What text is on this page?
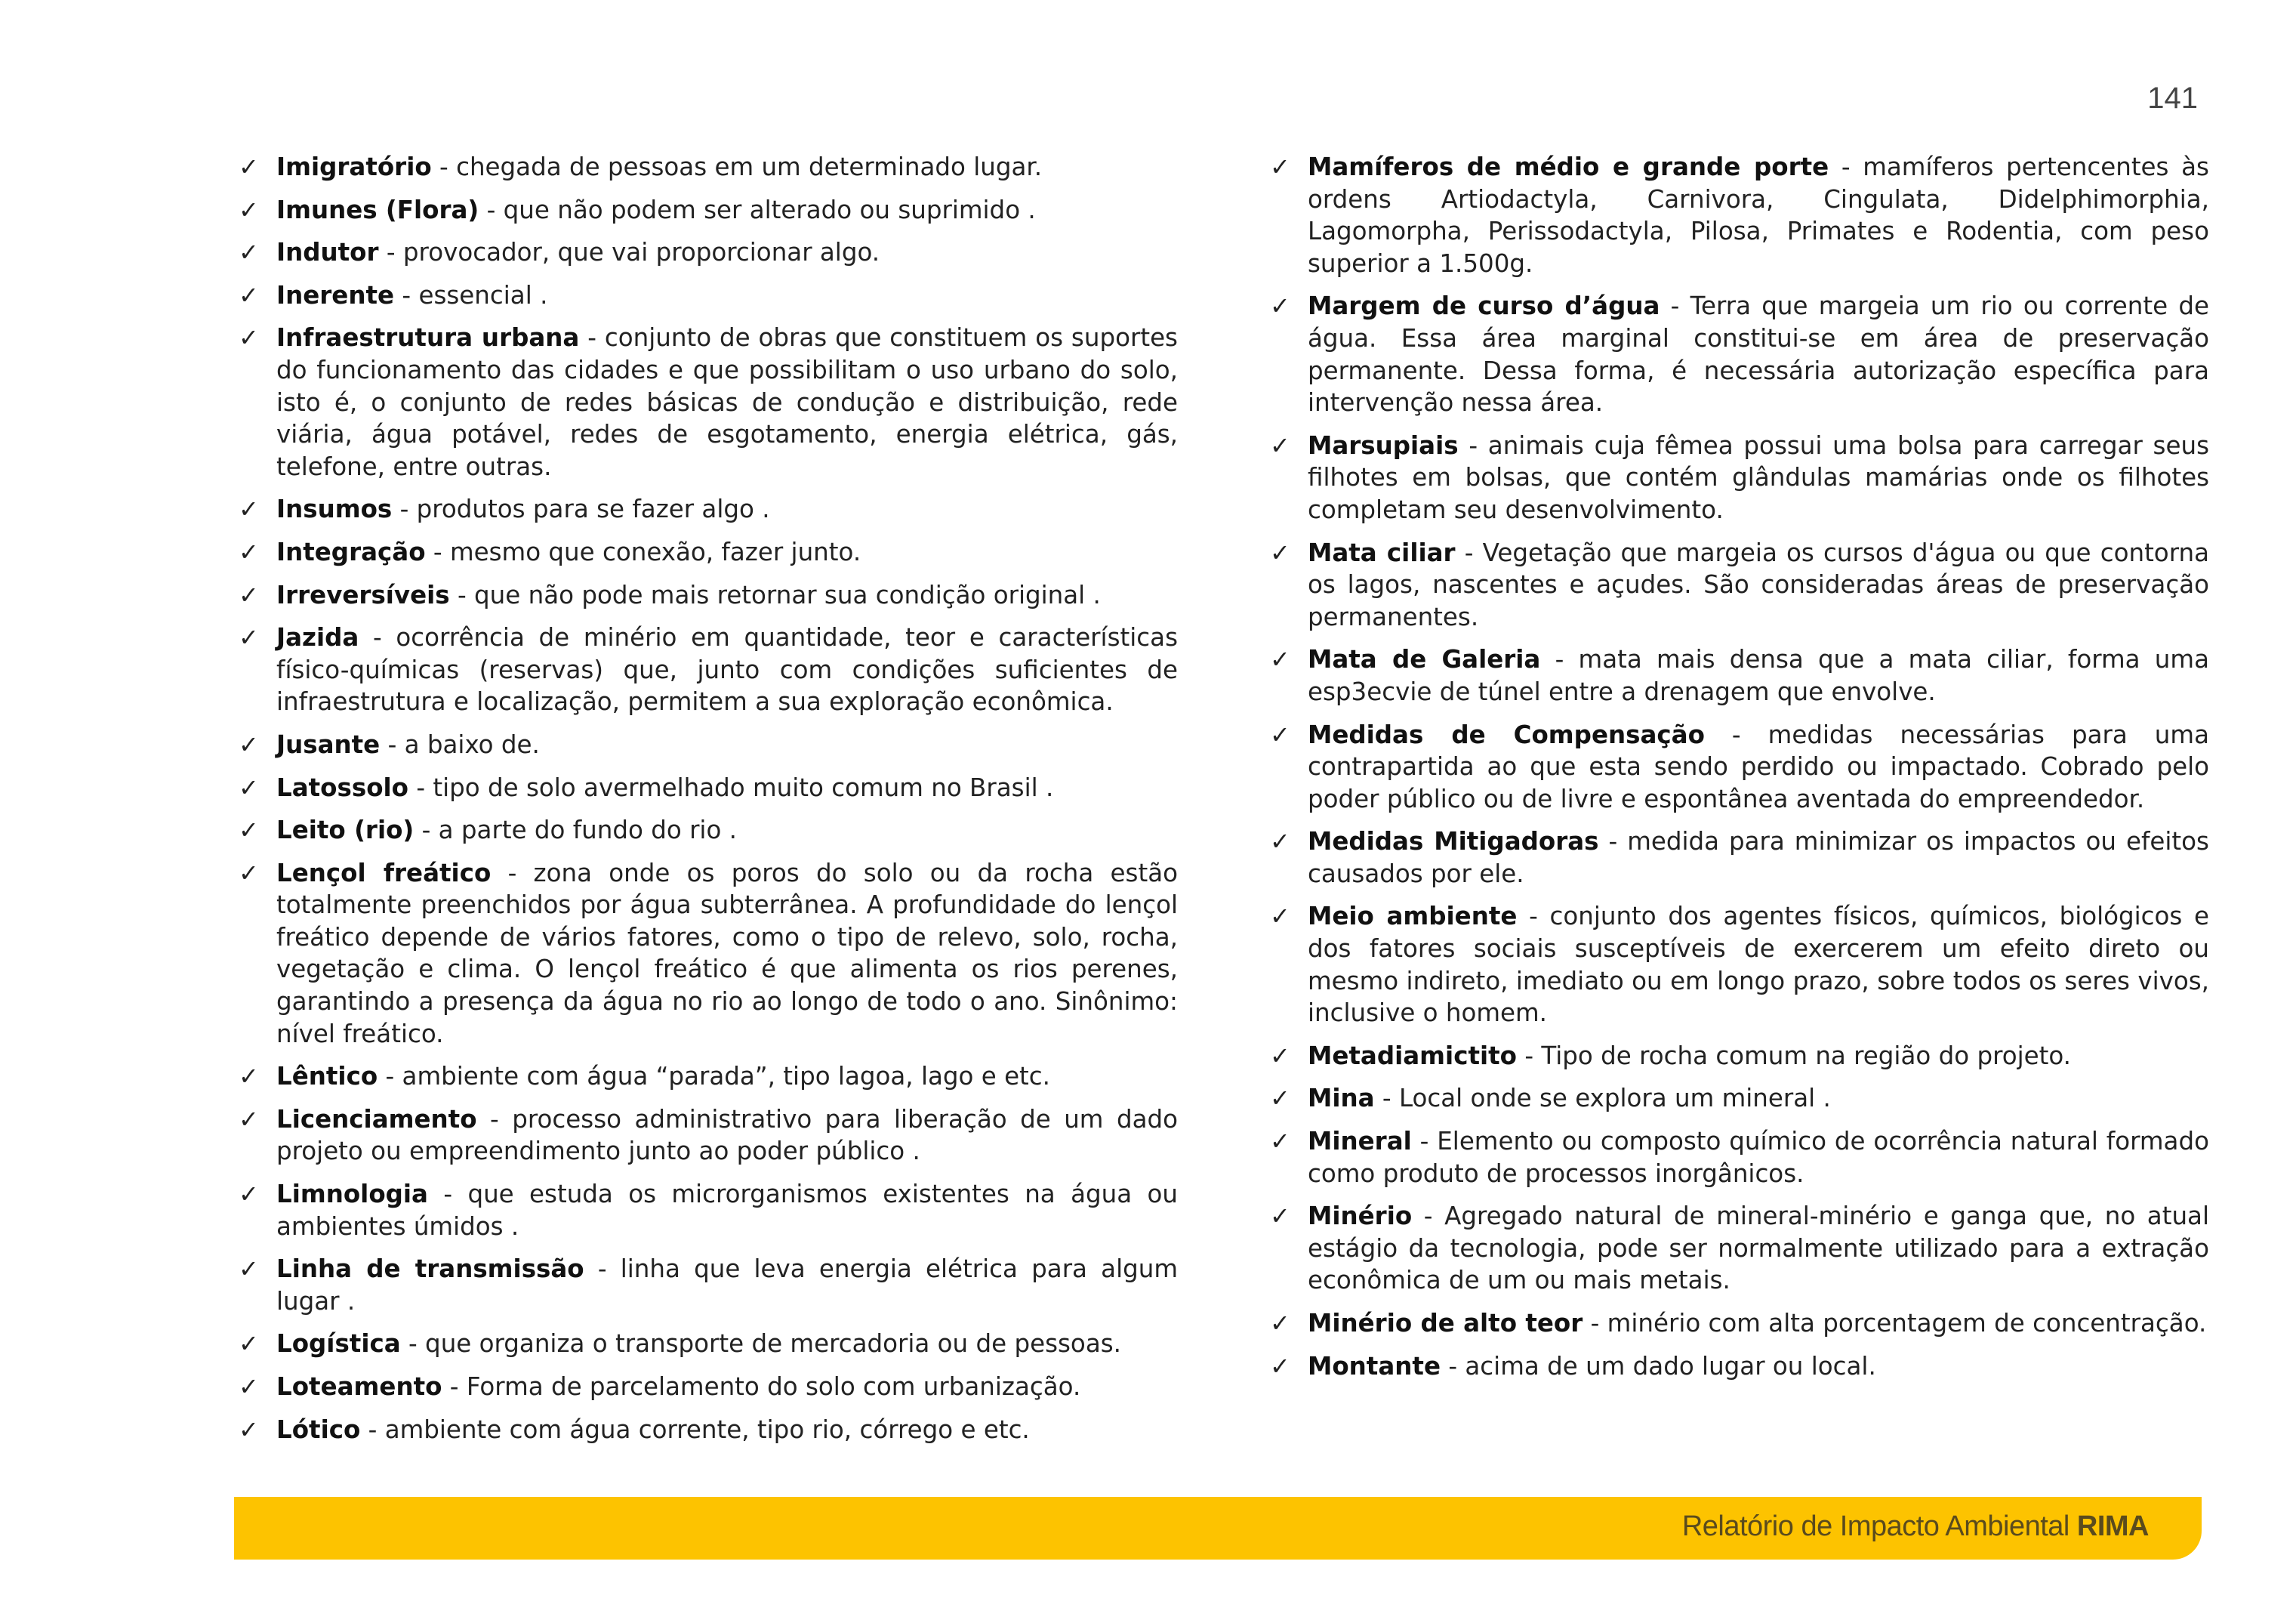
141
✓ Imigratório - chegada de pessoas em um determinado lugar.
✓ Imunes (Flora) - que não podem ser alterado ou suprimido .
✓ Indutor - provocador, que vai proporcionar algo.
✓ Inerente - essencial .
✓ Infraestrutura urbana - conjunto de obras que constituem os suportes do funcionamento das cidades e que possibilitam o uso urbano do solo, isto é, o conjunto de redes básicas de condução e distribuição, rede viária, água potável, redes de esgotamento, energia elétrica, gás, telefone, entre outras.
✓ Insumos - produtos para se fazer algo .
✓ Integração - mesmo que conexão, fazer junto.
✓ Irreversíveis - que não pode mais retornar sua condição original .
✓ Jazida - ocorrência de minério em quantidade, teor e características físico-químicas (reservas) que, junto com condições suficientes de infraestrutura e localização, permitem a sua exploração econômica.
✓ Jusante - a baixo de.
✓ Latossolo - tipo de solo avermelhado muito comum no Brasil .
✓ Leito (rio) - a parte do fundo do rio .
✓ Lençol freático - zona onde os poros do solo ou da rocha estão totalmente preenchidos por água subterrânea. A profundidade do lençol freático depende de vários fatores, como o tipo de relevo, solo, rocha, vegetação e clima. O lençol freático é que alimenta os rios perenes, garantindo a presença da água no rio ao longo de todo o ano. Sinônimo: nível freático.
✓ Lêntico - ambiente com água “parada”, tipo lagoa, lago e etc.
✓ Licenciamento - processo administrativo para liberação de um dado projeto ou empreendimento junto ao poder público .
✓ Limnologia - que estuda os microrganismos existentes na água ou ambientes úmidos .
✓ Linha de transmissão - linha que leva energia elétrica para algum lugar .
✓ Logística - que organiza o transporte de mercadoria ou de pessoas.
✓ Loteamento - Forma de parcelamento do solo com urbanização.
✓ Lótico - ambiente com água corrente, tipo rio, córrego e etc.
✓ Mamíferos de médio e grande porte - mamíferos pertencentes às ordens Artiodactyla, Carnivora, Cingulata, Didelphimorphia, Lagomorpha, Perissodactyla, Pilosa, Primates e Rodentia, com peso superior a 1.500g.
✓ Margem de curso d’água - Terra que margeia um rio ou corrente de água. Essa área marginal constitui-se em área de preservação permanente. Dessa forma, é necessária autorização específica para intervenção nessa área.
✓ Marsupiais - animais cuja fêmea possui uma bolsa para carregar seus filhotes em bolsas, que contém glândulas mamárias onde os filhotes completam seu desenvolvimento.
✓ Mata ciliar - Vegetação que margeia os cursos d'água ou que contorna os lagos, nascentes e açudes. São consideradas áreas de preservação permanentes.
✓ Mata de Galeria - mata mais densa que a mata ciliar, forma uma esp3ecvie de túnel entre a drenagem que envolve.
✓ Medidas de Compensação - medidas necessárias para uma contrapartida ao que esta sendo perdido ou impactado. Cobrado pelo poder público ou de livre e espontânea aventada do empreendedor.
✓ Medidas Mitigadoras - medida para minimizar os impactos ou efeitos causados por ele.
✓ Meio ambiente - conjunto dos agentes físicos, químicos, biológicos e dos fatores sociais susceptíveis de exercerem um efeito direto ou mesmo indireto, imediato ou em longo prazo, sobre todos os seres vivos, inclusive o homem.
✓ Metadiamictito - Tipo de rocha comum na região do projeto.
✓ Mina - Local onde se explora um mineral .
✓ Mineral - Elemento ou composto químico de ocorrência natural formado como produto de processos inorgânicos.
✓ Minério - Agregado natural de mineral-minério e ganga que, no atual estágio da tecnologia, pode ser normalmente utilizado para a extração econômica de um ou mais metais.
✓ Minério de alto teor - minério com alta porcentagem de concentração.
✓ Montante - acima de um dado lugar ou local.
Relatório de Impacto Ambiental RIMA
